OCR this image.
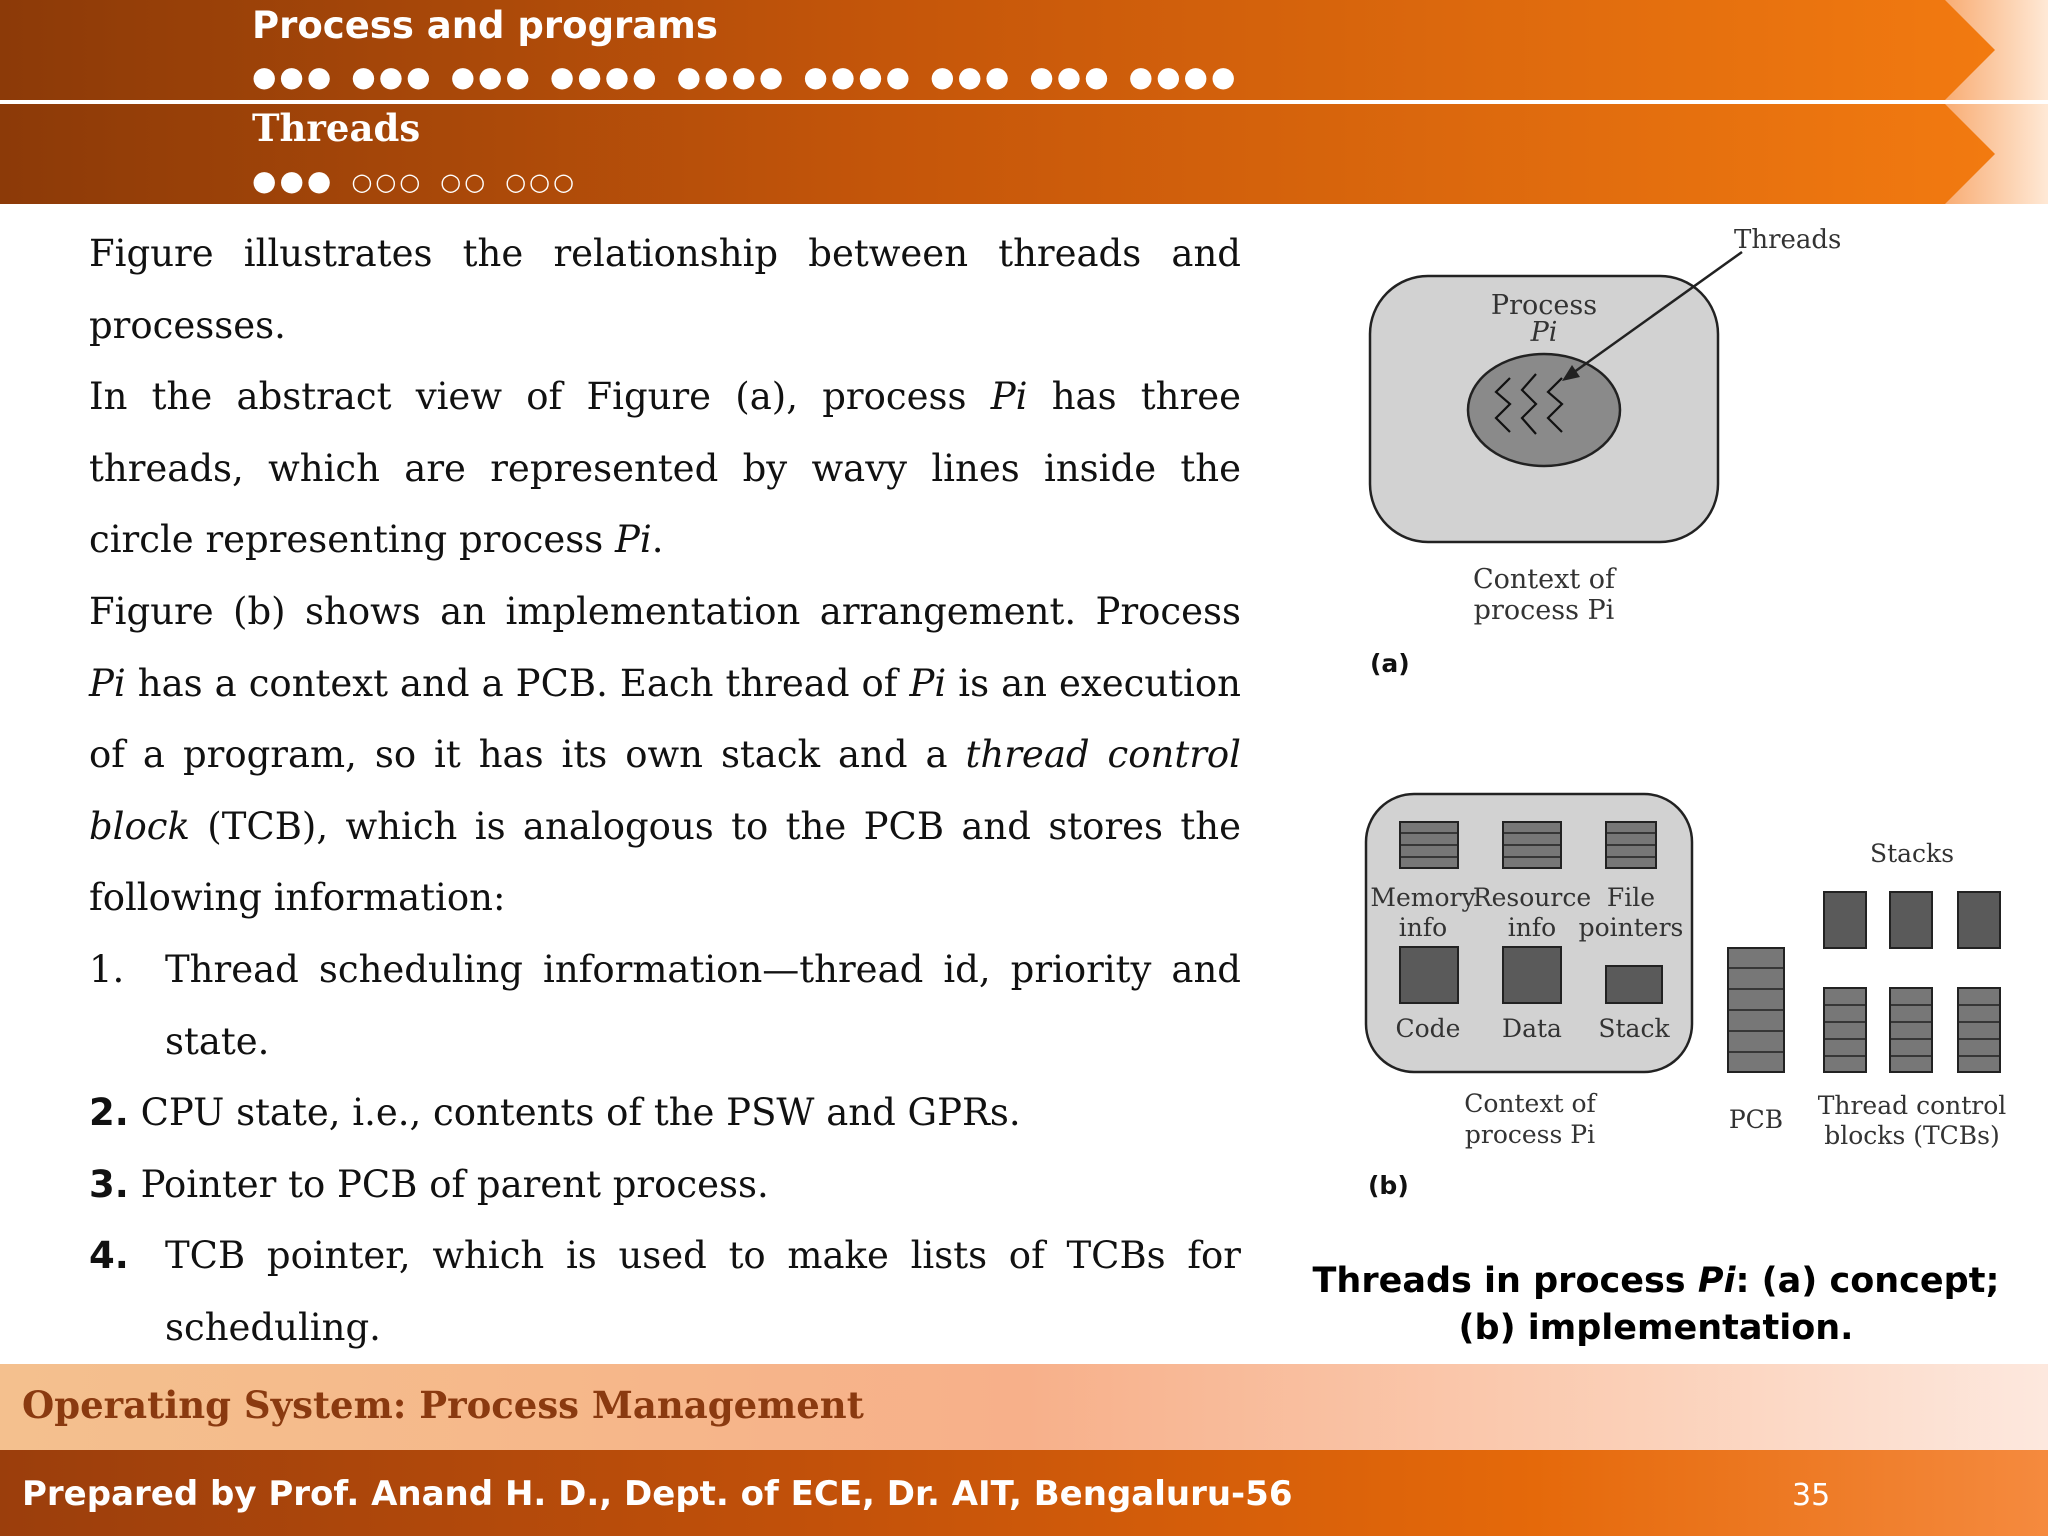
Process and programs
●●● ●●● ●●● ●●●● ●●●● ●●●● ●●● ●●● ●●●●
Threads
●●●  ○○○  ○○  ○○○

Figure illustrates the relationship between threads and processes.

In the abstract view of Figure (a), process Pi has three threads, which are represented by wavy lines inside the circle representing process Pi.

Figure (b) shows an implementation arrangement. Process Pi has a context and a PCB. Each thread of Pi is an execution of a program, so it has its own stack and a thread control block (TCB), which is analogous to the PCB and stores the following information:

1. Thread scheduling information—thread id, priority and state.

2. CPU state, i.e., contents of the PSW and GPRs.

3. Pointer to PCB of parent process.

4. TCB pointer, which is used to make lists of TCBs for scheduling.

Threads
Process
Pi
Context of
process Pi
(a)
Memory
info
Resource
info
File
pointers
Code Data Stack
Context of
process Pi
PCB
Stacks
Thread control
blocks (TCBs)
(b)
Threads in process Pi: (a) concept;
(b) implementation.
Operating System: Process Management
Prepared by Prof. Anand H. D., Dept. of ECE, Dr. AIT, Bengaluru-56	35
